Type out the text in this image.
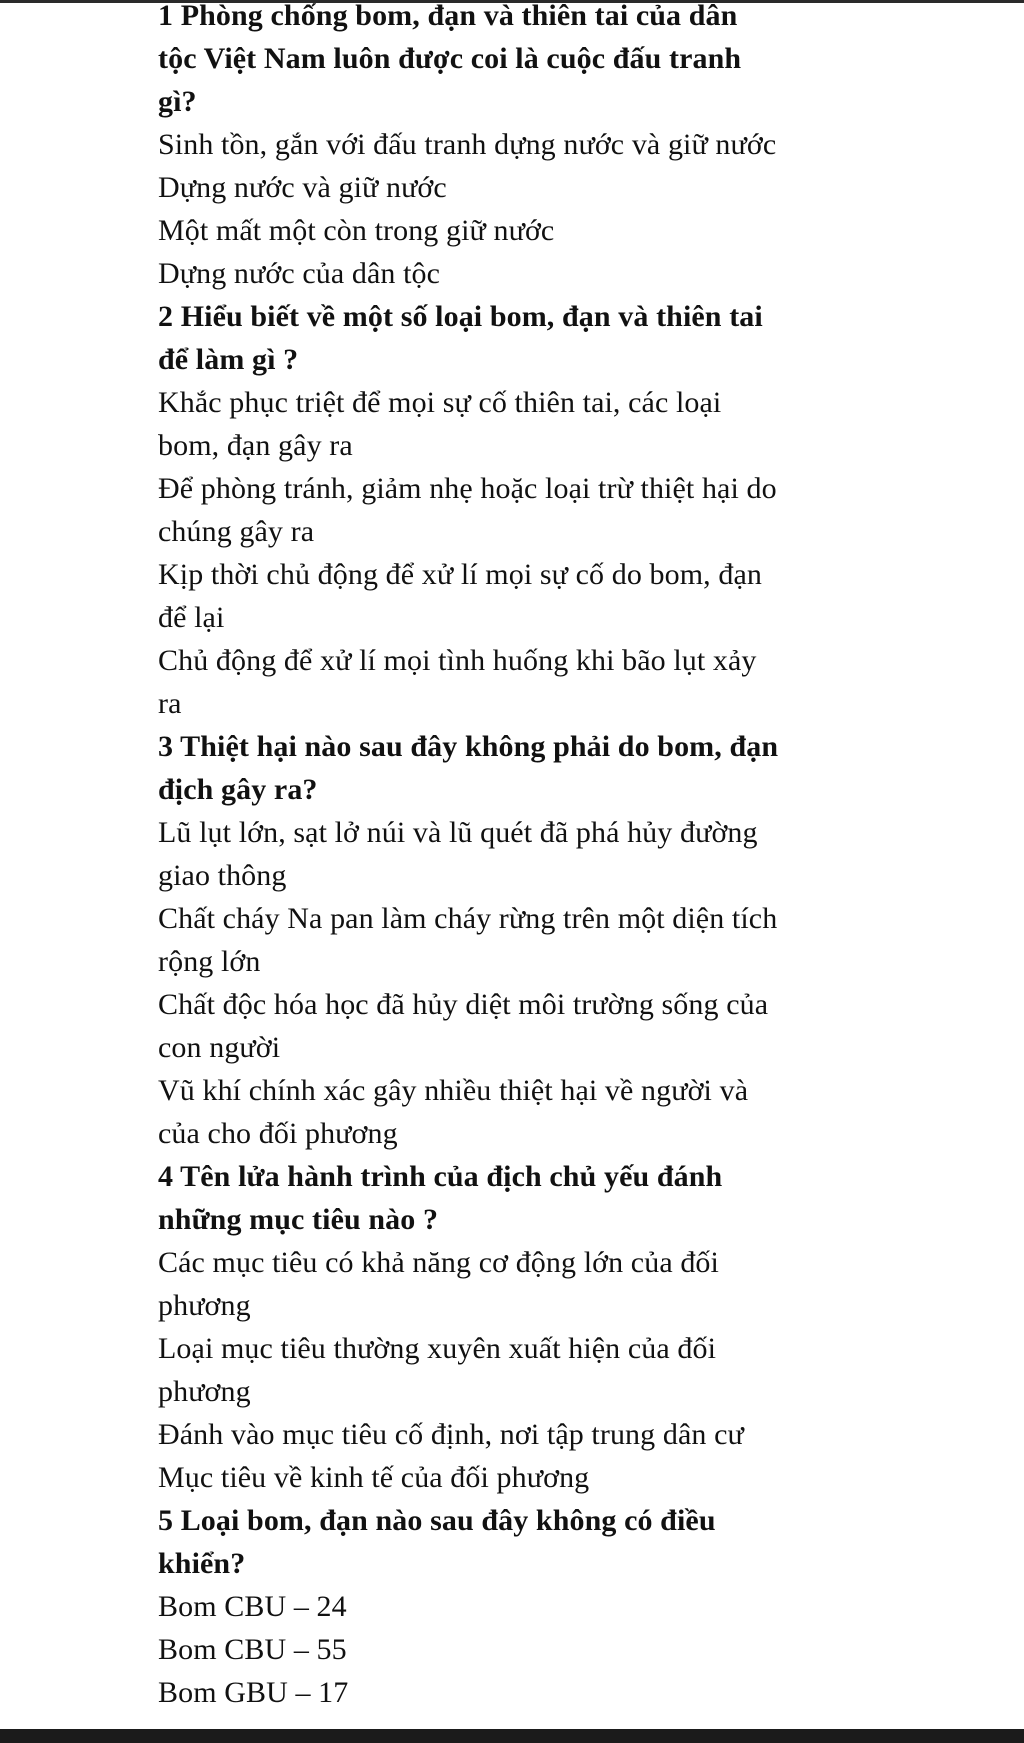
1 Phòng chống bom, đạn và thiên tai của dân

tộc Việt Nam luôn được coi là cuộc đấu tranh

gì?

Sinh tồn, gắn với đấu tranh dựng nước và giữ nước

Dựng nước và giữ nước

Một mất một còn trong giữ nước

Dựng nước của dân tộc

2 Hiểu biết về một số loại bom, đạn và thiên tai

để làm gì ?

Khắc phục triệt để mọi sự cố thiên tai, các loại

bom, đạn gây ra

Để phòng tránh, giảm nhẹ hoặc loại trừ thiệt hại do

chúng gây ra

Kịp thời chủ động để xử lí mọi sự cố do bom, đạn

để lại

Chủ động để xử lí mọi tình huống khi bão lụt xảy

ra

3 Thiệt hại nào sau đây không phải do bom, đạn

địch gây ra?

Lũ lụt lớn, sạt lở núi và lũ quét đã phá hủy đường

giao thông

Chất cháy Na pan làm cháy rừng trên một diện tích

rộng lớn

Chất độc hóa học đã hủy diệt môi trường sống của

con người

Vũ khí chính xác gây nhiều thiệt hại về người và

của cho đối phương

4 Tên lửa hành trình của địch chủ yếu đánh

những mục tiêu nào ?

Các mục tiêu có khả năng cơ động lớn của đối

phương

Loại mục tiêu thường xuyên xuất hiện của đối

phương

Đánh vào mục tiêu cố định, nơi tập trung dân cư

Mục tiêu về kinh tế của đối phương

5 Loại bom, đạn nào sau đây không có điều

khiển?

Bom CBU – 24

Bom CBU – 55

Bom GBU – 17
